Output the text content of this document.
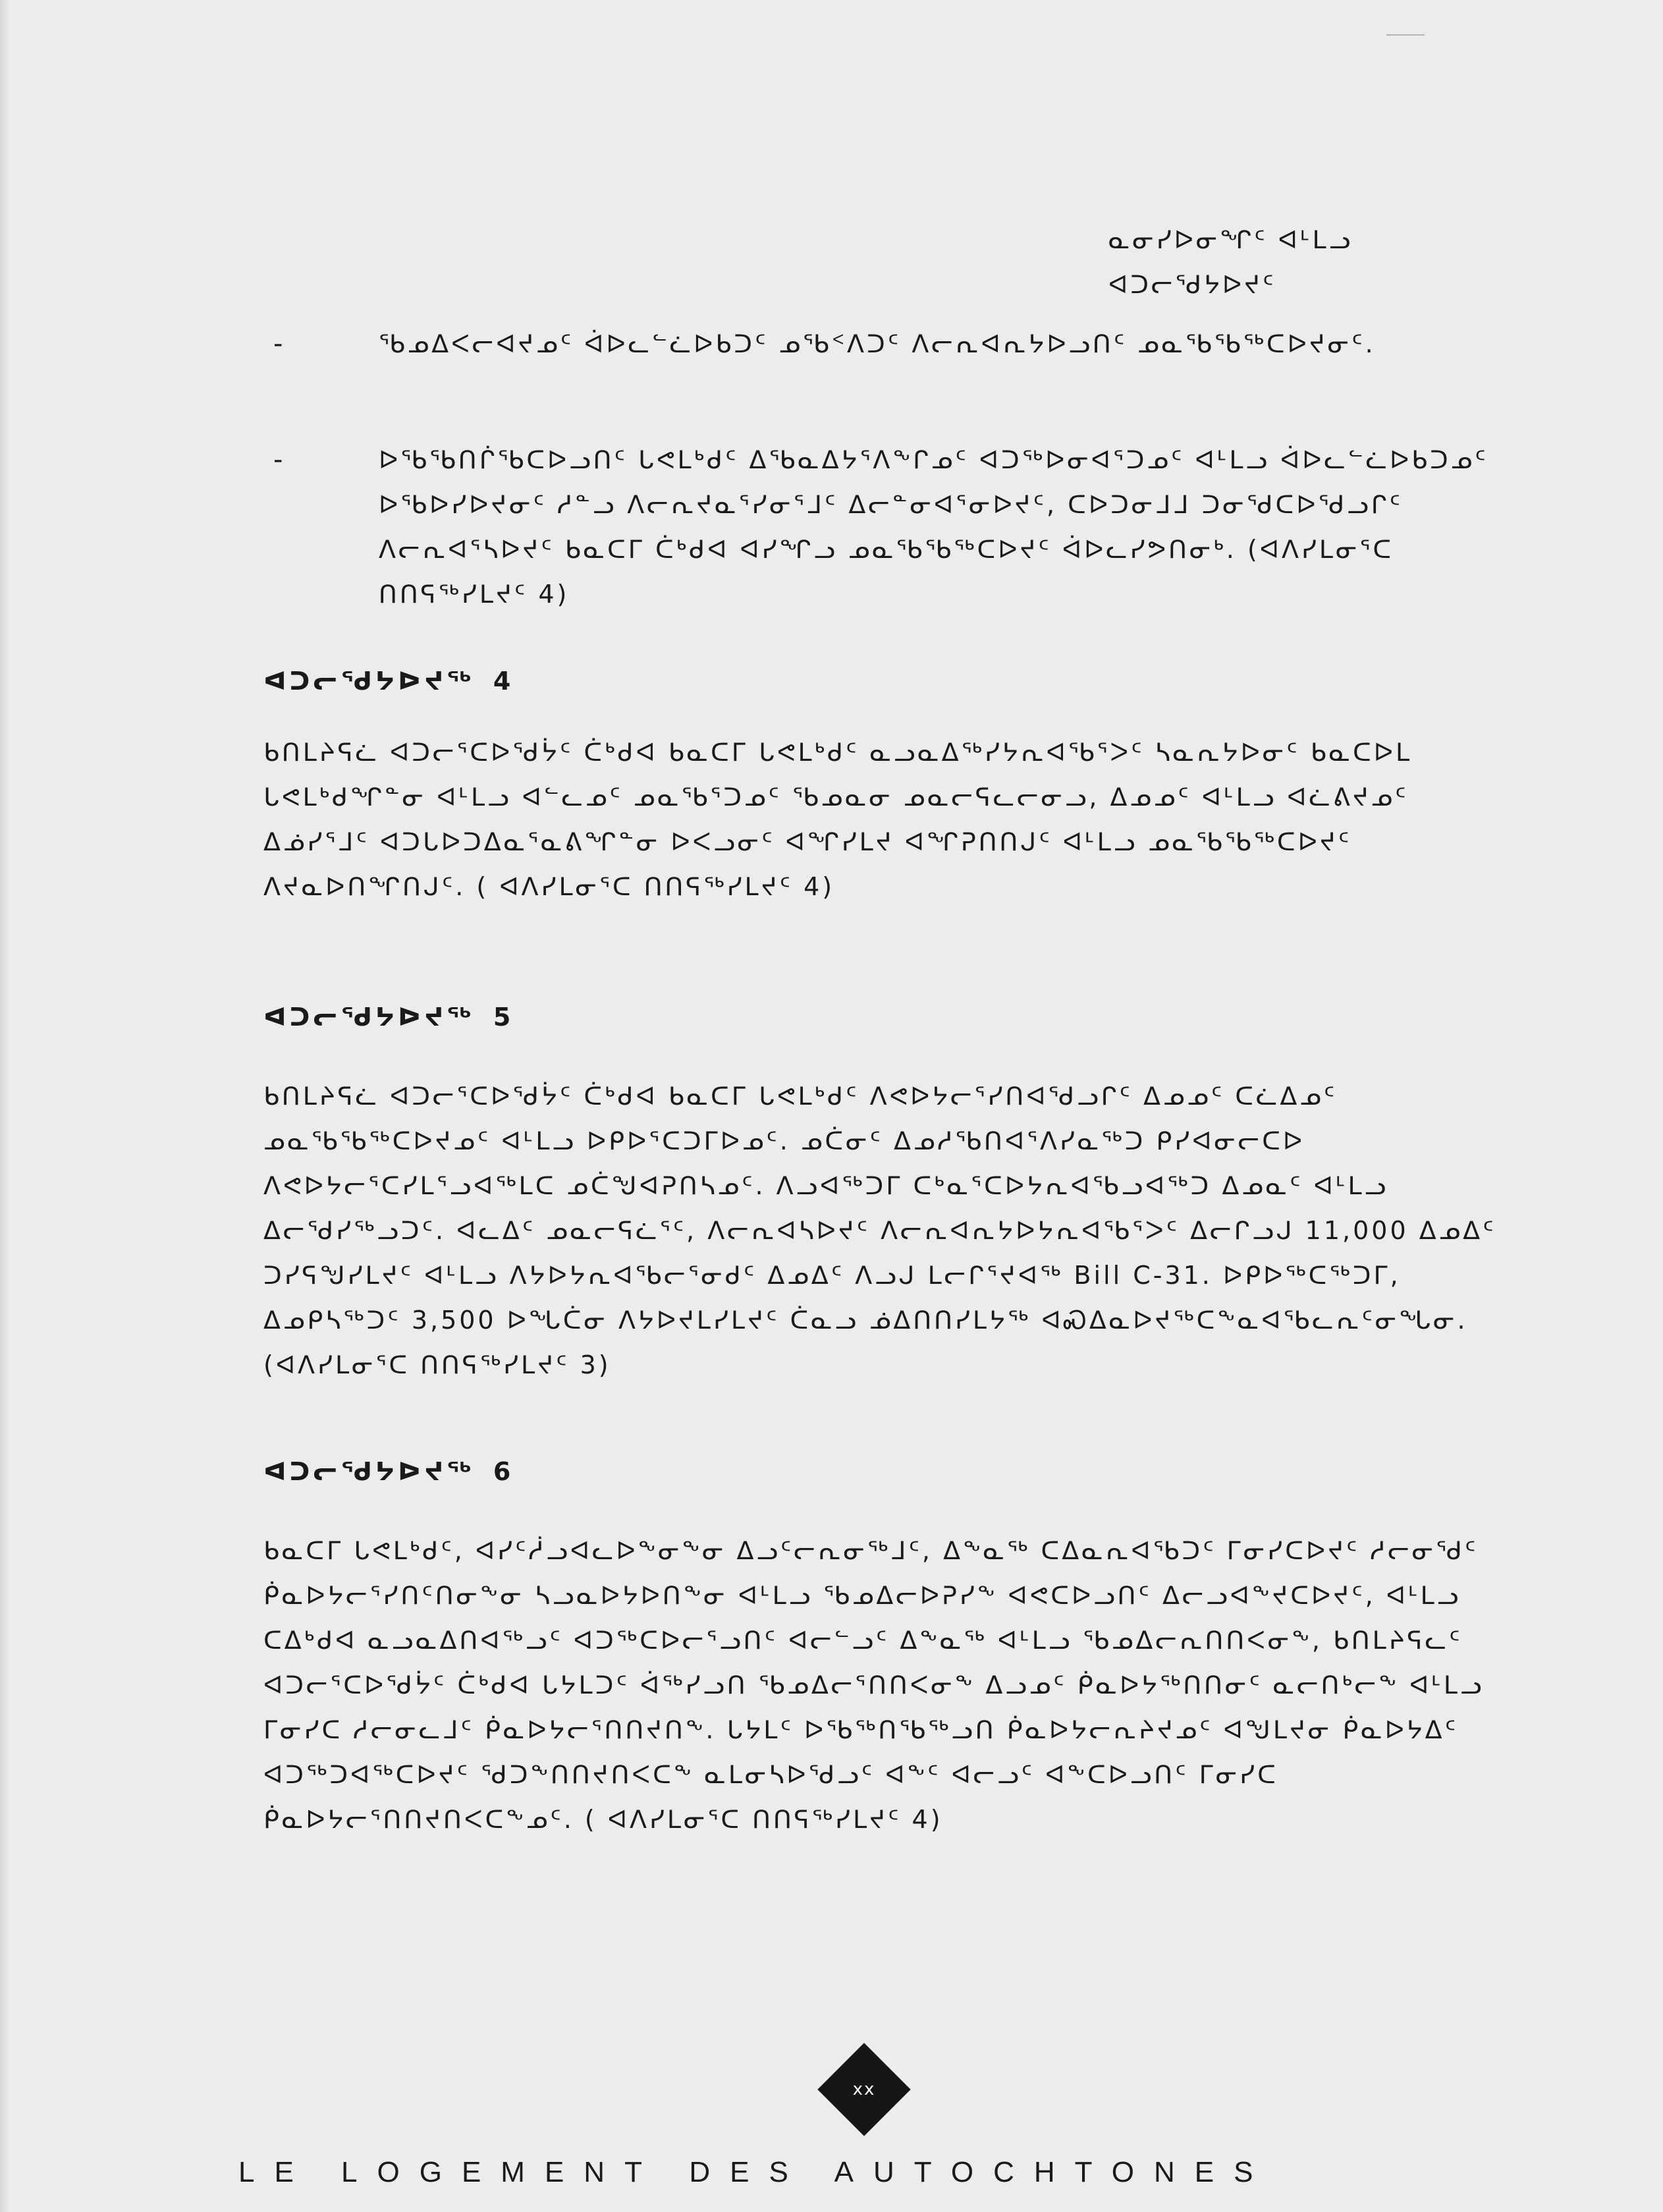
ᓇᓂᓯᐅᓂᖏᑦ ᐊᒻᒪᓗ
ᐊᑐᓕᖁᔭᐅᔪᑦ
-	ᖃᓄᐃᐸᓕᐊᔪᓄᑦ ᐋᐅᓚᓪᓛᐅᑲᑐᑦ ᓄᖃᑉᐱᑐᑦ ᐱᓕᕆᐊᕆᔭᐅᓗᑎᑦ ᓄᓇᖃᖃᖅᑕᐅᔪᓂᑦ.
-	ᐅᖃᖃᑎᒌᖃᑕᐅᓗᑎᑦ ᒐᕙᒪᒃᑯᑦ ᐃᖃᓇᐃᔭᕐᐱᖕᒋᓄᑦ ᐊᑐᖅᐅᓂᐊᕐᑐᓄᑦ ᐊᒻᒪᓗ ᐋᐅᓚᓪᓛᐅᑲᑐᓄᑦ ᐅᖃᐅᓯᐅᔪᓂᑦ ᓱᓐᓗ ᐱᓕᕆᔪᓇᕐᓯᓂᕐᒧᑦ ᐃᓕᓐᓂᐊᕐᓂᐅᔪᑦ, ᑕᐅᑐᓂᒧᒧ ᑐᓂᖁᑕᐅᖁᓗᒋᑦ ᐱᓕᕆᐊᕐᓴᐅᔪᑦ ᑲᓇᑕᒥ ᑖᒃᑯᐊ ᐊᓯᖏᓗ ᓄᓇᖃᖃᖅᑕᐅᔪᑦ ᐋᐅᓚᓯᕗᑎᓂᒃ. (ᐊᐱᓯᒪᓂᕐᑕ ᑎᑎᕋᖅᓯᒪᔪᑦ 4)
ᐊᑐᓕᖁᔭᐅᔪᖅ 4
ᑲᑎᒪᔨᕋᓛ ᐊᑐᓕᕐᑕᐅᖁᔮᑦ ᑖᒃᑯᐊ ᑲᓇᑕᒥ ᒐᕙᒪᒃᑯᑦ ᓇᓗᓇᐃᖅᓯᔭᕆᐊᖃᕐᐳᑦ ᓴᓇᕆᔭᐅᓂᑦ ᑲᓇᑕᐅᒪ ᒐᕙᒪᒃᑯᖏᓐᓂ ᐊᒻᒪᓗ ᐊᓪᓚᓄᑦ ᓄᓇᖃᕐᑐᓄᑦ ᖃᓄᓇᓂ ᓄᓇᓕᕋᓚᓕᓂᓗ, ᐃᓄᓄᑦ ᐊᒻᒪᓗ ᐊᓛᕕᔪᓄᑦ ᐃᓅᓯᕐᒧᑦ ᐊᑐᒐᐅᑐᐃᓇᕐᓇᕕᖏᓐᓂ ᐅᐸᓗᓂᑦ ᐊᖏᓯᒪᔪ ᐊᖏᕈᑎᑎᒍᑦ ᐊᒻᒪᓗ ᓄᓇᖃᖃᖅᑕᐅᔪᑦ ᐱᔪᓇᐅᑎᖏᑎᒍᑦ. ( ᐊᐱᓯᒪᓂᕐᑕ ᑎᑎᕋᖅᓯᒪᔪᑦ 4)
ᐊᑐᓕᖁᔭᐅᔪᖅ 5
ᑲᑎᒪᔨᕋᓛ ᐊᑐᓕᕐᑕᐅᖁᔮᑦ ᑖᒃᑯᐊ ᑲᓇᑕᒥ ᒐᕙᒪᒃᑯᑦ ᐱᕙᐅᔭᓕᕐᓯᑎᐊᖁᓗᒋᑦ ᐃᓄᓄᑦ ᑕᓛᐃᓄᑦ ᓄᓇᖃᖃᖅᑕᐅᔪᓄᑦ ᐊᒻᒪᓗ ᐅᑭᐅᕐᑕᑐᒥᐅᓄᑦ. ᓄᑖᓂᑦ ᐃᓄᓱᖃᑎᐊᕐᐱᓯᓇᖅᑐ ᑭᓯᐊᓂᓕᑕᐅ ᐱᕙᐅᔭᓕᕐᑕᓯᒪᕐᓗᐊᖅᒪᑕ ᓄᑖᖑᐊᕈᑎᓴᓄᑦ. ᐱᓗᐊᖅᑐᒥ ᑕᒃᓇᕐᑕᐅᔭᕆᐊᖃᓗᐊᖅᑐ ᐃᓄᓇᑦ ᐊᒻᒪᓗ ᐃᓕᖁᓯᖅᓗᑐᑦ. ᐊᓚᐃᑦ ᓄᓇᓕᕋᓛᕐᑦ, ᐱᓕᕆᐊᓴᐅᔪᑦ ᐱᓕᕆᐊᕆᔭᐅᔭᕆᐊᖃᕐᐳᑦ ᐃᓕᒋᓗᒍ 11,000 ᐃᓄᐃᑦ ᑐᓯᕋᖑᓯᒪᔪᑦ ᐊᒻᒪᓗ ᐱᔭᐅᔭᕆᐊᖃᓕᕐᓂᑯᑦ ᐃᓄᐃᑦ ᐱᓗᒍ ᒪᓕᒋᕐᔪᐊᖅ Bill C-31. ᐅᑭᐅᖅᑕᖅᑐᒥ, ᐃᓄᑭᓴᖅᑐᑦ 3,500 ᐅᖓᑖᓂ ᐱᔭᐅᔪᒪᓯᒪᔪᑦ ᑖᓇᓗ ᓅᐃᑎᑎᓯᒪᔭᖅ ᐊᏍᐃᓇᐅᔪᖅᑕᖕᓇᐊᖃᓚᕆᑦᓂᖓᓂ. (ᐊᐱᓯᒪᓂᕐᑕ ᑎᑎᕋᖅᓯᒪᔪᑦ 3)
ᐊᑐᓕᖁᔭᐅᔪᖅ 6
ᑲᓇᑕᒥ ᒐᕙᒪᒃᑯᑦ, ᐊᓯᑦᓲᓗᐊᓚᐅᖕᓂᖕᓂ ᐃᓗᑦᓕᕆᓂᖅᒧᑦ, ᐃᖕᓇᖅ ᑕᐃᓇᕆᐊᖃᑐᑦ ᒥᓂᓯᑕᐅᔪᑦ ᓱᓕᓂᖁᑦ ᑮᓇᐅᔭᓕᕐᓯᑎᑦᑎᓂᖕᓂ ᓴᓗᓇᐅᔭᐅᑎᖕᓂ ᐊᒻᒪᓗ ᖃᓄᐃᓕᐅᕈᓯᖕ ᐊᕙᑕᐅᓗᑎᑦ ᐃᓕᓗᐊᖕᔪᑕᐅᔪᑦ, ᐊᒻᒪᓗ ᑕᐃᒃᑯᐊ ᓇᓗᓇᐃᑎᐊᖅᓗᑦ ᐊᑐᖅᑕᐅᓕᕐᓗᑎᑦ ᐊᓕᓪᓗᑦ ᐃᖕᓇᖅ ᐊᒻᒪᓗ ᖃᓄᐃᓕᕆᑎᑎᐸᓂᖕ, ᑲᑎᒪᔨᕋᓚᑦ ᐊᑐᓕᕐᑕᐅᖁᔮᑦ ᑖᒃᑯᐊ ᒐᔭᒪᑐᑦ ᐋᖅᓯᓗᑎ ᖃᓄᐃᓕᕐᑎᑎᐸᓂᖕ ᐃᓗᓄᑦ ᑮᓇᐅᔭᖅᑎᑎᓂᑦ ᓇᓕᑎᒃᓕᖕ ᐊᒻᒪᓗ ᒥᓂᓯᑕ ᓱᓕᓂᓚᒧᑦ ᑮᓇᐅᔭᓕᕐᑎᑎᔪᑎᖕ. ᒐᔭᒪᑦ ᐅᖃᖅᑎᖃᖅᓗᑎ ᑮᓇᐅᔭᓕᕆᔨᔪᓄᑦ ᐊᖑᒪᔪᓂ ᑮᓇᐅᔭᐃᑦ ᐊᑐᖅᑐᐊᖅᑕᐅᔪᑦ ᖁᑐᖕᑎᑎᔪᑎᐸᑕᖕ ᓇᒪᓂᓴᐅᖁᓗᑦ ᐊᖕᑦ ᐊᓕᓗᑦ ᐊᖕᑕᐅᓗᑎᑦ ᒥᓂᓯᑕ ᑮᓇᐅᔭᓕᕐᑎᑎᔪᑎᐸᑕᖕᓄᑦ. ( ᐊᐱᓯᒪᓂᕐᑕ ᑎᑎᕋᖅᓯᒪᔪᑦ 4)
xx
LE LOGEMENT DES AUTOCHTONES
